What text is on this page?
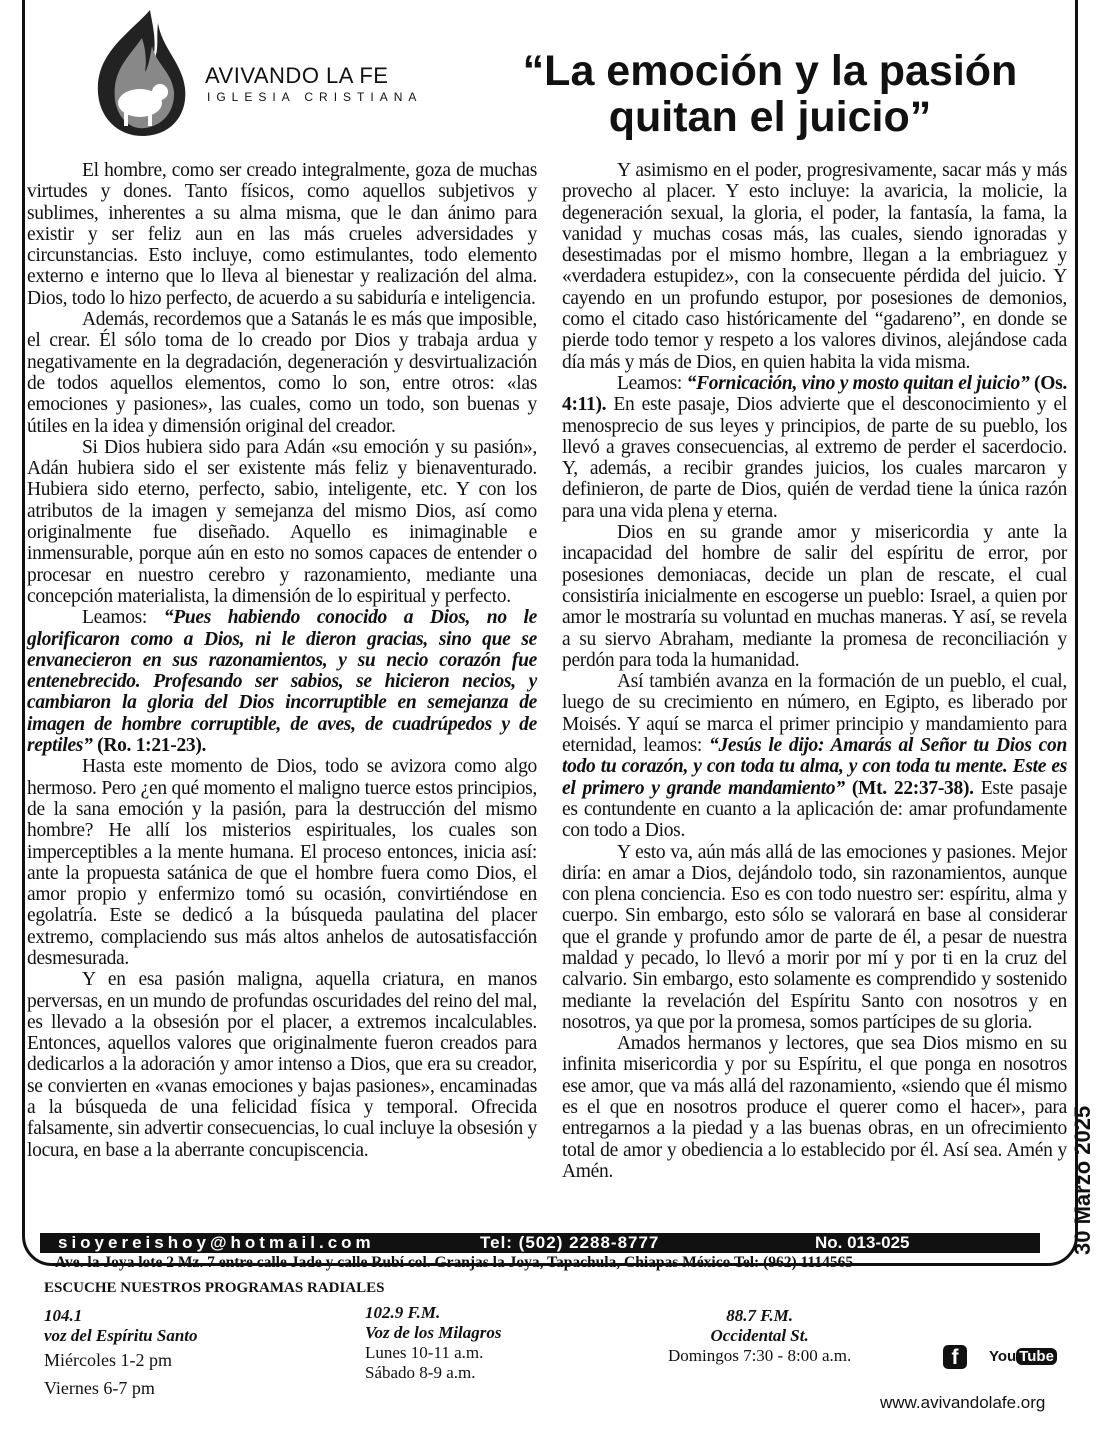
AVIVANDO LA FE
IGLESIA CRISTIANA
“La emoción y la pasión quitan el juicio”

El hombre, como ser creado integralmente, goza de muchas virtudes y dones. Tanto físicos, como aquellos subjetivos y sublimes, inherentes a su alma misma, que le dan ánimo para existir y ser feliz aun en las más crueles adversidades y circunstancias. Esto incluye, como estimulantes, todo elemento externo e interno que lo lleva al bienestar y realización del alma. Dios, todo lo hizo perfecto, de acuerdo a su sabiduría e inteligencia.

Además, recordemos que a Satanás le es más que imposible, el crear. Él sólo toma de lo creado por Dios y trabaja ardua y negativamente en la degradación, degeneración y desvirtualización de todos aquellos elementos, como lo son, entre otros: «las emociones y pasiones», las cuales, como un todo, son buenas y útiles en la idea y dimensión original del creador.

Si Dios hubiera sido para Adán «su emoción y su pasión», Adán hubiera sido el ser existente más feliz y bienaventurado. Hubiera sido eterno, perfecto, sabio, inteligente, etc. Y con los atributos de la imagen y semejanza del mismo Dios, así como originalmente fue diseñado. Aquello es inimaginable e inmensurable, porque aún en esto no somos capaces de entender o procesar en nuestro cerebro y razonamiento, mediante una concepción materialista, la dimensión de lo espiritual y perfecto.

Leamos: “Pues habiendo conocido a Dios, no le glorificaron como a Dios, ni le dieron gracias, sino que se envanecieron en sus razonamientos, y su necio corazón fue entenebrecido. Profesando ser sabios, se hicieron necios, y cambiaron la gloria del Dios incorruptible en semejanza de imagen de hombre corruptible, de aves, de cuadrúpedos y de reptiles” (Ro. 1:21-23).

Hasta este momento de Dios, todo se avizora como algo hermoso. Pero ¿en qué momento el maligno tuerce estos principios, de la sana emoción y la pasión, para la destrucción del mismo hombre? He allí los misterios espirituales, los cuales son imperceptibles a la mente humana. El proceso entonces, inicia así: ante la propuesta satánica de que el hombre fuera como Dios, el amor propio y enfermizo tomó su ocasión, convirtiéndose en egolatría. Este se dedicó a la búsqueda paulatina del placer extremo, complaciendo sus más altos anhelos de autosatisfacción desmesurada.

Y en esa pasión maligna, aquella criatura, en manos perversas, en un mundo de profundas oscuridades del reino del mal, es llevado a la obsesión por el placer, a extremos incalculables. Entonces, aquellos valores que originalmente fueron creados para dedicarlos a la adoración y amor intenso a Dios, que era su creador, se convierten en «vanas emociones y bajas pasiones», encaminadas a la búsqueda de una felicidad física y temporal. Ofrecida falsamente, sin advertir consecuencias, lo cual incluye la obsesión y locura, en base a la aberrante concupiscencia.

Y asimismo en el poder, progresivamente, sacar más y más provecho al placer. Y esto incluye: la avaricia, la molicie, la degeneración sexual, la gloria, el poder, la fantasía, la fama, la vanidad y muchas cosas más, las cuales, siendo ignoradas y desestimadas por el mismo hombre, llegan a la embriaguez y «verdadera estupidez», con la consecuente pérdida del juicio. Y cayendo en un profundo estupor, por posesiones de demonios, como el citado caso históricamente del “gadareno”, en donde se pierde todo temor y respeto a los valores divinos, alejándose cada día más y más de Dios, en quien habita la vida misma.

Leamos: “Fornicación, vino y mosto quitan el juicio” (Os. 4:11). En este pasaje, Dios advierte que el desconocimiento y el menosprecio de sus leyes y principios, de parte de su pueblo, los llevó a graves consecuencias, al extremo de perder el sacerdocio. Y, además, a recibir grandes juicios, los cuales marcaron y definieron, de parte de Dios, quién de verdad tiene la única razón para una vida plena y eterna.

Dios en su grande amor y misericordia y ante la incapacidad del hombre de salir del espíritu de error, por posesiones demoniacas, decide un plan de rescate, el cual consistiría inicialmente en escogerse un pueblo: Israel, a quien por amor le mostraría su voluntad en muchas maneras. Y así, se revela a su siervo Abraham, mediante la promesa de reconciliación y perdón para toda la humanidad.

Así también avanza en la formación de un pueblo, el cual, luego de su crecimiento en número, en Egipto, es liberado por Moisés. Y aquí se marca el primer principio y mandamiento para eternidad, leamos: “Jesús le dijo: Amarás al Señor tu Dios con todo tu corazón, y con toda tu alma, y con toda tu mente. Este es el primero y grande mandamiento” (Mt. 22:37-38). Este pasaje es contundente en cuanto a la aplicación de: amar profundamente con todo a Dios.

Y esto va, aún más allá de las emociones y pasiones. Mejor diría: en amar a Dios, dejándolo todo, sin razonamientos, aunque con plena conciencia. Eso es con todo nuestro ser: espíritu, alma y cuerpo. Sin embargo, esto sólo se valorará en base al considerar que el grande y profundo amor de parte de él, a pesar de nuestra maldad y pecado, lo llevó a morir por mí y por ti en la cruz del calvario. Sin embargo, esto solamente es comprendido y sostenido mediante la revelación del Espíritu Santo con nosotros y en nosotros, ya que por la promesa, somos partícipes de su gloria.

Amados hermanos y lectores, que sea Dios mismo en su infinita misericordia y por su Espíritu, el que ponga en nosotros ese amor, que va más allá del razonamiento, «siendo que él mismo es el que en nosotros produce el querer como el hacer», para entregarnos a la piedad y a las buenas obras, en un ofrecimiento total de amor y obediencia a lo establecido por él. Así sea. Amén y Amén.	30 Marzo 2025
sioyereishoy@hotmail.com	Tel: (502) 2288-8777	No. 013-025
Ave. la Joya lote 2 Mz. 7 entre calle Jade y calle Rubí col. Granjas la Joya, Tapachula, Chiapas México Tel: (962) 1114565
ESCUCHE NUESTROS PROGRAMAS RADIALES
104.1
voz del Espíritu Santo
Miércoles 1-2 pm
Viernes 6-7 pm
102.9 F.M.
Voz de los Milagros
Lunes 10-11 a.m.
Sábado 8-9 a.m.
88.7 F.M.
Occidental St.
Domingos 7:30 - 8:00 a.m.	f	You Tube
www.avivandolafe.org
